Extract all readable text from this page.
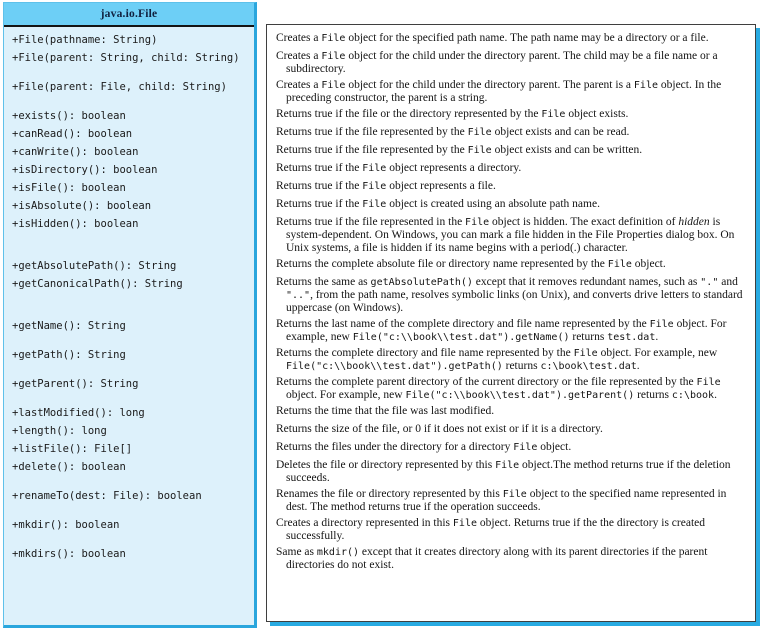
java.io.File
+File(pathname: String)	Creates a File object for the specified path name. The path name may be a directory or a file.
+File(parent: String, child: String)	Creates a File object for the child under the directory parent. The child may be a file name or a subdirectory.
+File(parent: File, child: String)	Creates a File object for the child under the directory parent. The parent is a File object. In the preceding constructor, the parent is a string.
+exists(): boolean	Returns true if the file or the directory represented by the File object exists.
+canRead(): boolean	Returns true if the file represented by the File object exists and can be read.
+canWrite(): boolean	Returns true if the file represented by the File object exists and can be written.
+isDirectory(): boolean	Returns true if the File object represents a directory.
+isFile(): boolean	Returns true if the File object represents a file.
+isAbsolute(): boolean	Returns true if the File object is created using an absolute path name.
+isHidden(): boolean	Returns true if the file represented in the File object is hidden. The exact definition of hidden is system-dependent. On Windows, you can mark a file hidden in the File Properties dialog box. On Unix systems, a file is hidden if its name begins with a period(.) character.
+getAbsolutePath(): String	Returns the complete absolute file or directory name represented by the File object.
+getCanonicalPath(): String	Returns the same as getAbsolutePath() except that it removes redundant names, such as "." and "..", from the path name, resolves symbolic links (on Unix), and converts drive letters to standard uppercase (on Windows).
+getName(): String	Returns the last name of the complete directory and file name represented by the File object. For example, new File("c:\\book\\test.dat").getName() returns test.dat.
+getPath(): String	Returns the complete directory and file name represented by the File object. For example, new File("c:\\book\\test.dat").getPath() returns c:\book\test.dat.
+getParent(): String	Returns the complete parent directory of the current directory or the file represented by the File object. For example, new File("c:\\book\\test.dat").getParent() returns c:\book.
+lastModified(): long	Returns the time that the file was last modified.
+length(): long	Returns the size of the file, or 0 if it does not exist or if it is a directory.
+listFile(): File[]	Returns the files under the directory for a directory File object.
+delete(): boolean	Deletes the file or directory represented by this File object.The method returns true if the deletion succeeds.
+renameTo(dest: File): boolean	Renames the file or directory represented by this File object to the specified name represented in dest. The method returns true if the operation succeeds.
+mkdir(): boolean	Creates a directory represented in this File object. Returns true if the the directory is created successfully.
+mkdirs(): boolean	Same as mkdir() except that it creates directory along with its parent directories if the parent directories do not exist.
